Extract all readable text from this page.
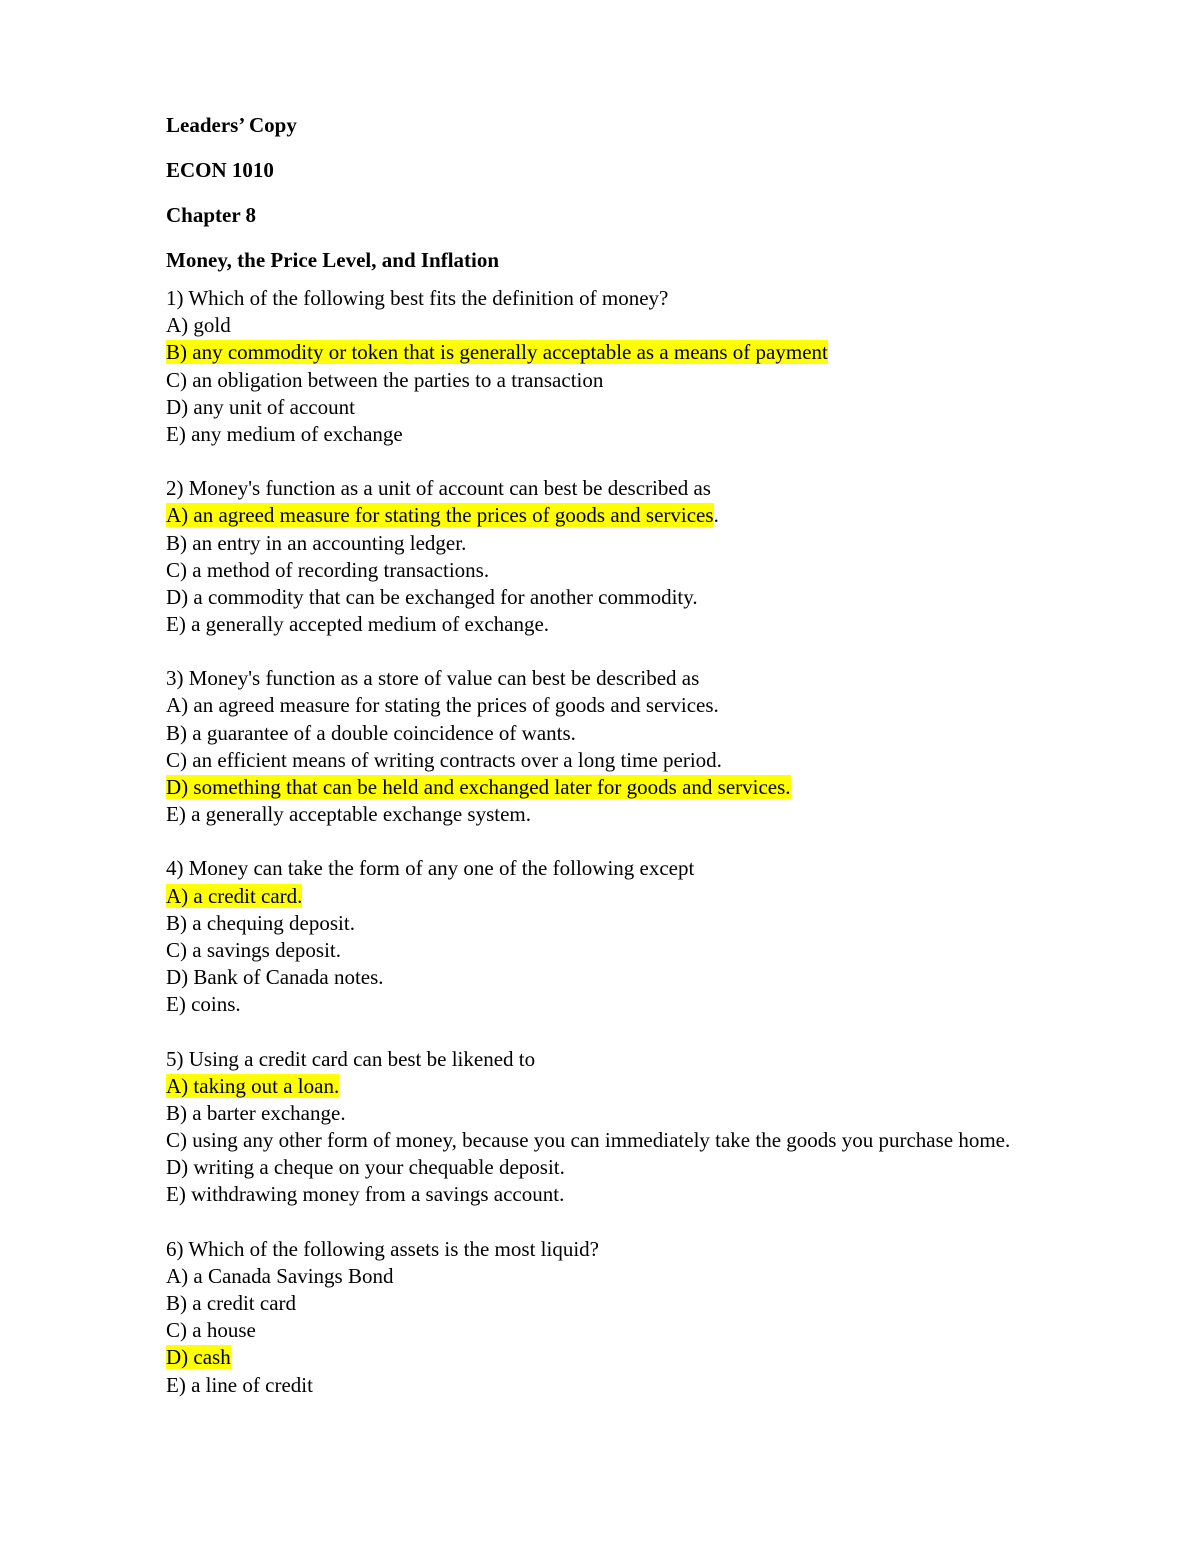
Leaders’ Copy
ECON 1010
Chapter 8
Money, the Price Level, and Inflation
1) Which of the following best fits the definition of money?
A) gold
B) any commodity or token that is generally acceptable as a means of payment
C) an obligation between the parties to a transaction
D) any unit of account
E) any medium of exchange
2) Money's function as a unit of account can best be described as
A) an agreed measure for stating the prices of goods and services.
B) an entry in an accounting ledger.
C) a method of recording transactions.
D) a commodity that can be exchanged for another commodity.
E) a generally accepted medium of exchange.
3) Money's function as a store of value can best be described as
A) an agreed measure for stating the prices of goods and services.
B) a guarantee of a double coincidence of wants.
C) an efficient means of writing contracts over a long time period.
D) something that can be held and exchanged later for goods and services.
E) a generally acceptable exchange system.
4) Money can take the form of any one of the following except
A) a credit card.
B) a chequing deposit.
C) a savings deposit.
D) Bank of Canada notes.
E) coins.
5) Using a credit card can best be likened to
A) taking out a loan.
B) a barter exchange.
C) using any other form of money, because you can immediately take the goods you purchase home.
D) writing a cheque on your chequable deposit.
E) withdrawing money from a savings account.
6) Which of the following assets is the most liquid?
A) a Canada Savings Bond
B) a credit card
C) a house
D) cash
E) a line of credit
